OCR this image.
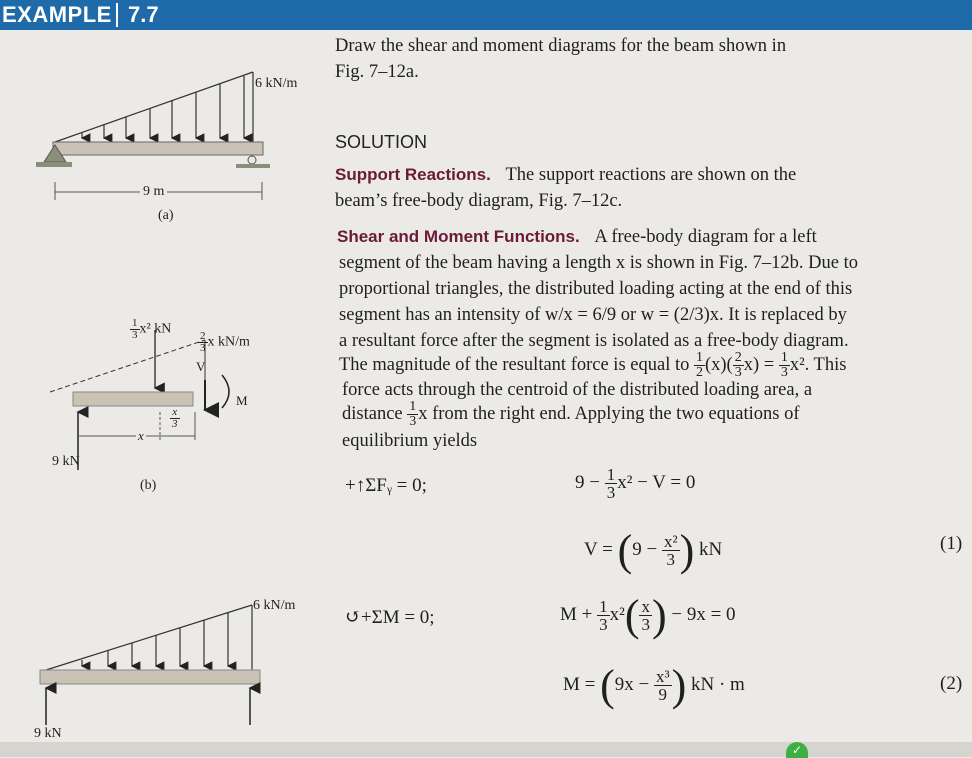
EXAMPLE 7.7
Draw the shear and moment diagrams for the beam shown in
Fig. 7–12a.
SOLUTION
Support Reactions. The support reactions are shown on the
beam’s free-body diagram, Fig. 7–12c.
Shear and Moment Functions. A free-body diagram for a left
segment of the beam having a length x is shown in Fig. 7–12b. Due to
proportional triangles, the distributed loading acting at the end of this
segment has an intensity of w/x = 6/9 or w = (2/3)x. It is replaced by
a resultant force after the segment is isolated as a free-body diagram.
The magnitude of the resultant force is equal to $\frac{1}{2} (x)( \frac{2}{3} x) = \frac{1}{3} x^2$. This
force acts through the centroid of the distributed loading area, a
distance $\frac{1}{3}$ x from the right end. Applying the two equations of
equilibrium yields
+↑ΣFᵧ = 0;	$9 - \frac{1}{3} x^2 - V = 0$
$V = (9 - \frac{\text{x²}}{3}$ ) kN	(1)
↺+ΣM = 0;	$M + \frac{1}{3} x^2( \frac{x}{3}$ ) − 9x = 0
$M = (9x - \frac{\text{x³}}{9}$ ) kN · m	(2)
6 kN/m
9 m
(a)
$\frac{1}{3} x^2$ kN
$\frac{2}{3}$ x kN/m
V
M
x
$\frac{x}{3}$
9 kN
(b)
6 kN/m
9 kN
✓
